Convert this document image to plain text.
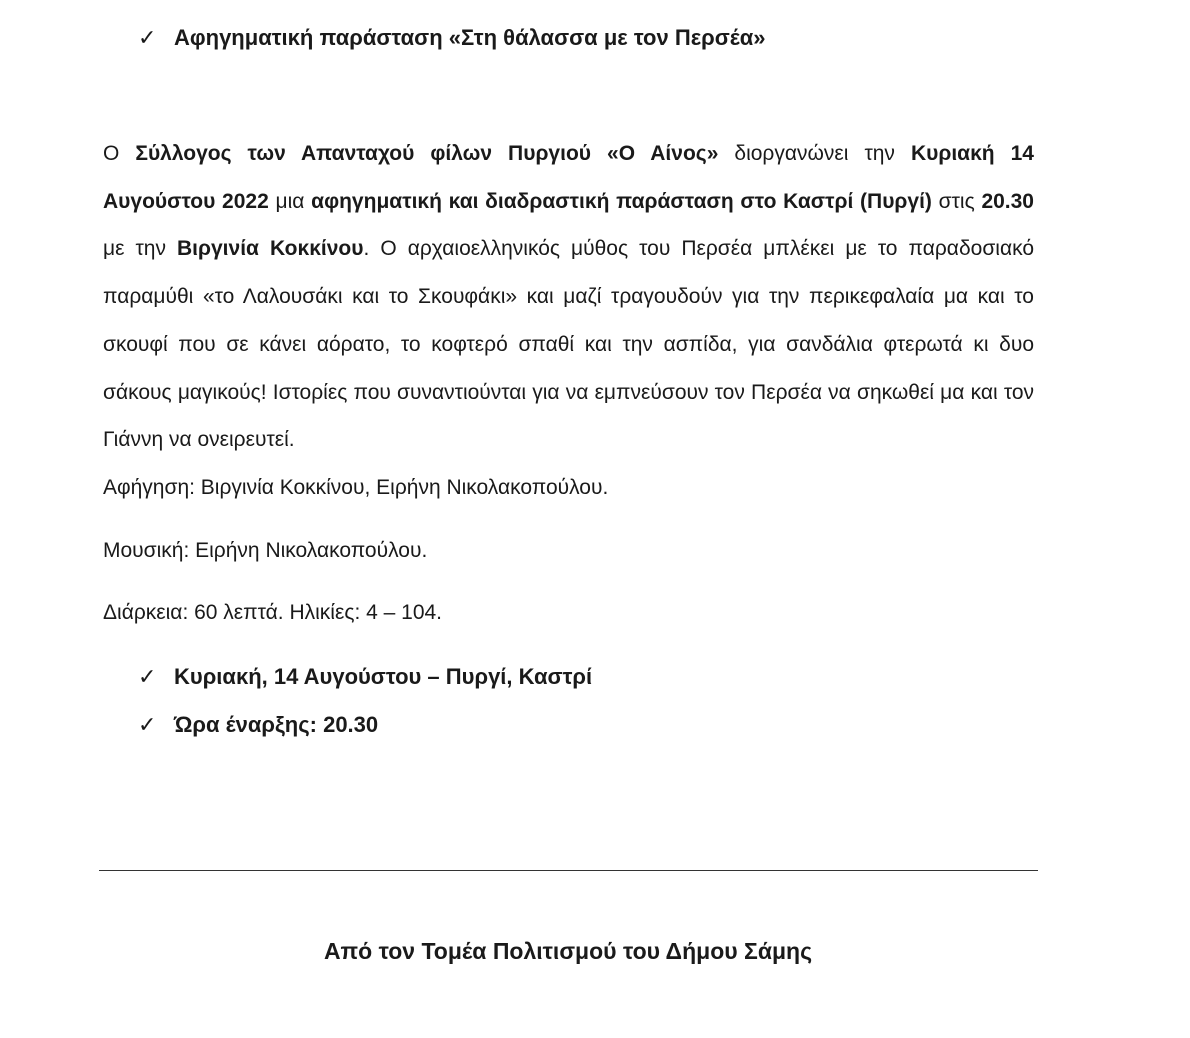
✓ Αφηγηματική παράσταση «Στη θάλασσα με τον Περσέα»
Ο Σύλλογος των Απανταχού φίλων Πυργιού «Ο Αίνος» διοργανώνει την Κυριακή 14 Αυγούστου 2022 μια αφηγηματική και διαδραστική παράσταση στο Καστρί (Πυργί) στις 20.30 με την Βιργινία Κοκκίνου. Ο αρχαιοελληνικός μύθος του Περσέα μπλέκει με το παραδοσιακό παραμύθι «το Λαλουσάκι και το Σκουφάκι» και μαζί τραγουδούν για την περικεφαλαία μα και το σκουφί που σε κάνει αόρατο, το κοφτερό σπαθί και την ασπίδα, για σανδάλια φτερωτά κι δυο σάκους μαγικούς! Ιστορίες που συναντιούνται για να εμπνεύσουν τον Περσέα να σηκωθεί μα και τον Γιάννη να ονειρευτεί.
Αφήγηση: Βιργινία Κοκκίνου, Ειρήνη Νικολακοπούλου.
Μουσική: Ειρήνη Νικολακοπούλου.
Διάρκεια: 60 λεπτά. Ηλικίες: 4 – 104.
✓ Κυριακή, 14 Αυγούστου – Πυργί, Καστρί
✓ Ώρα έναρξης: 20.30
Από τον Τομέα Πολιτισμού του Δήμου Σάμης
